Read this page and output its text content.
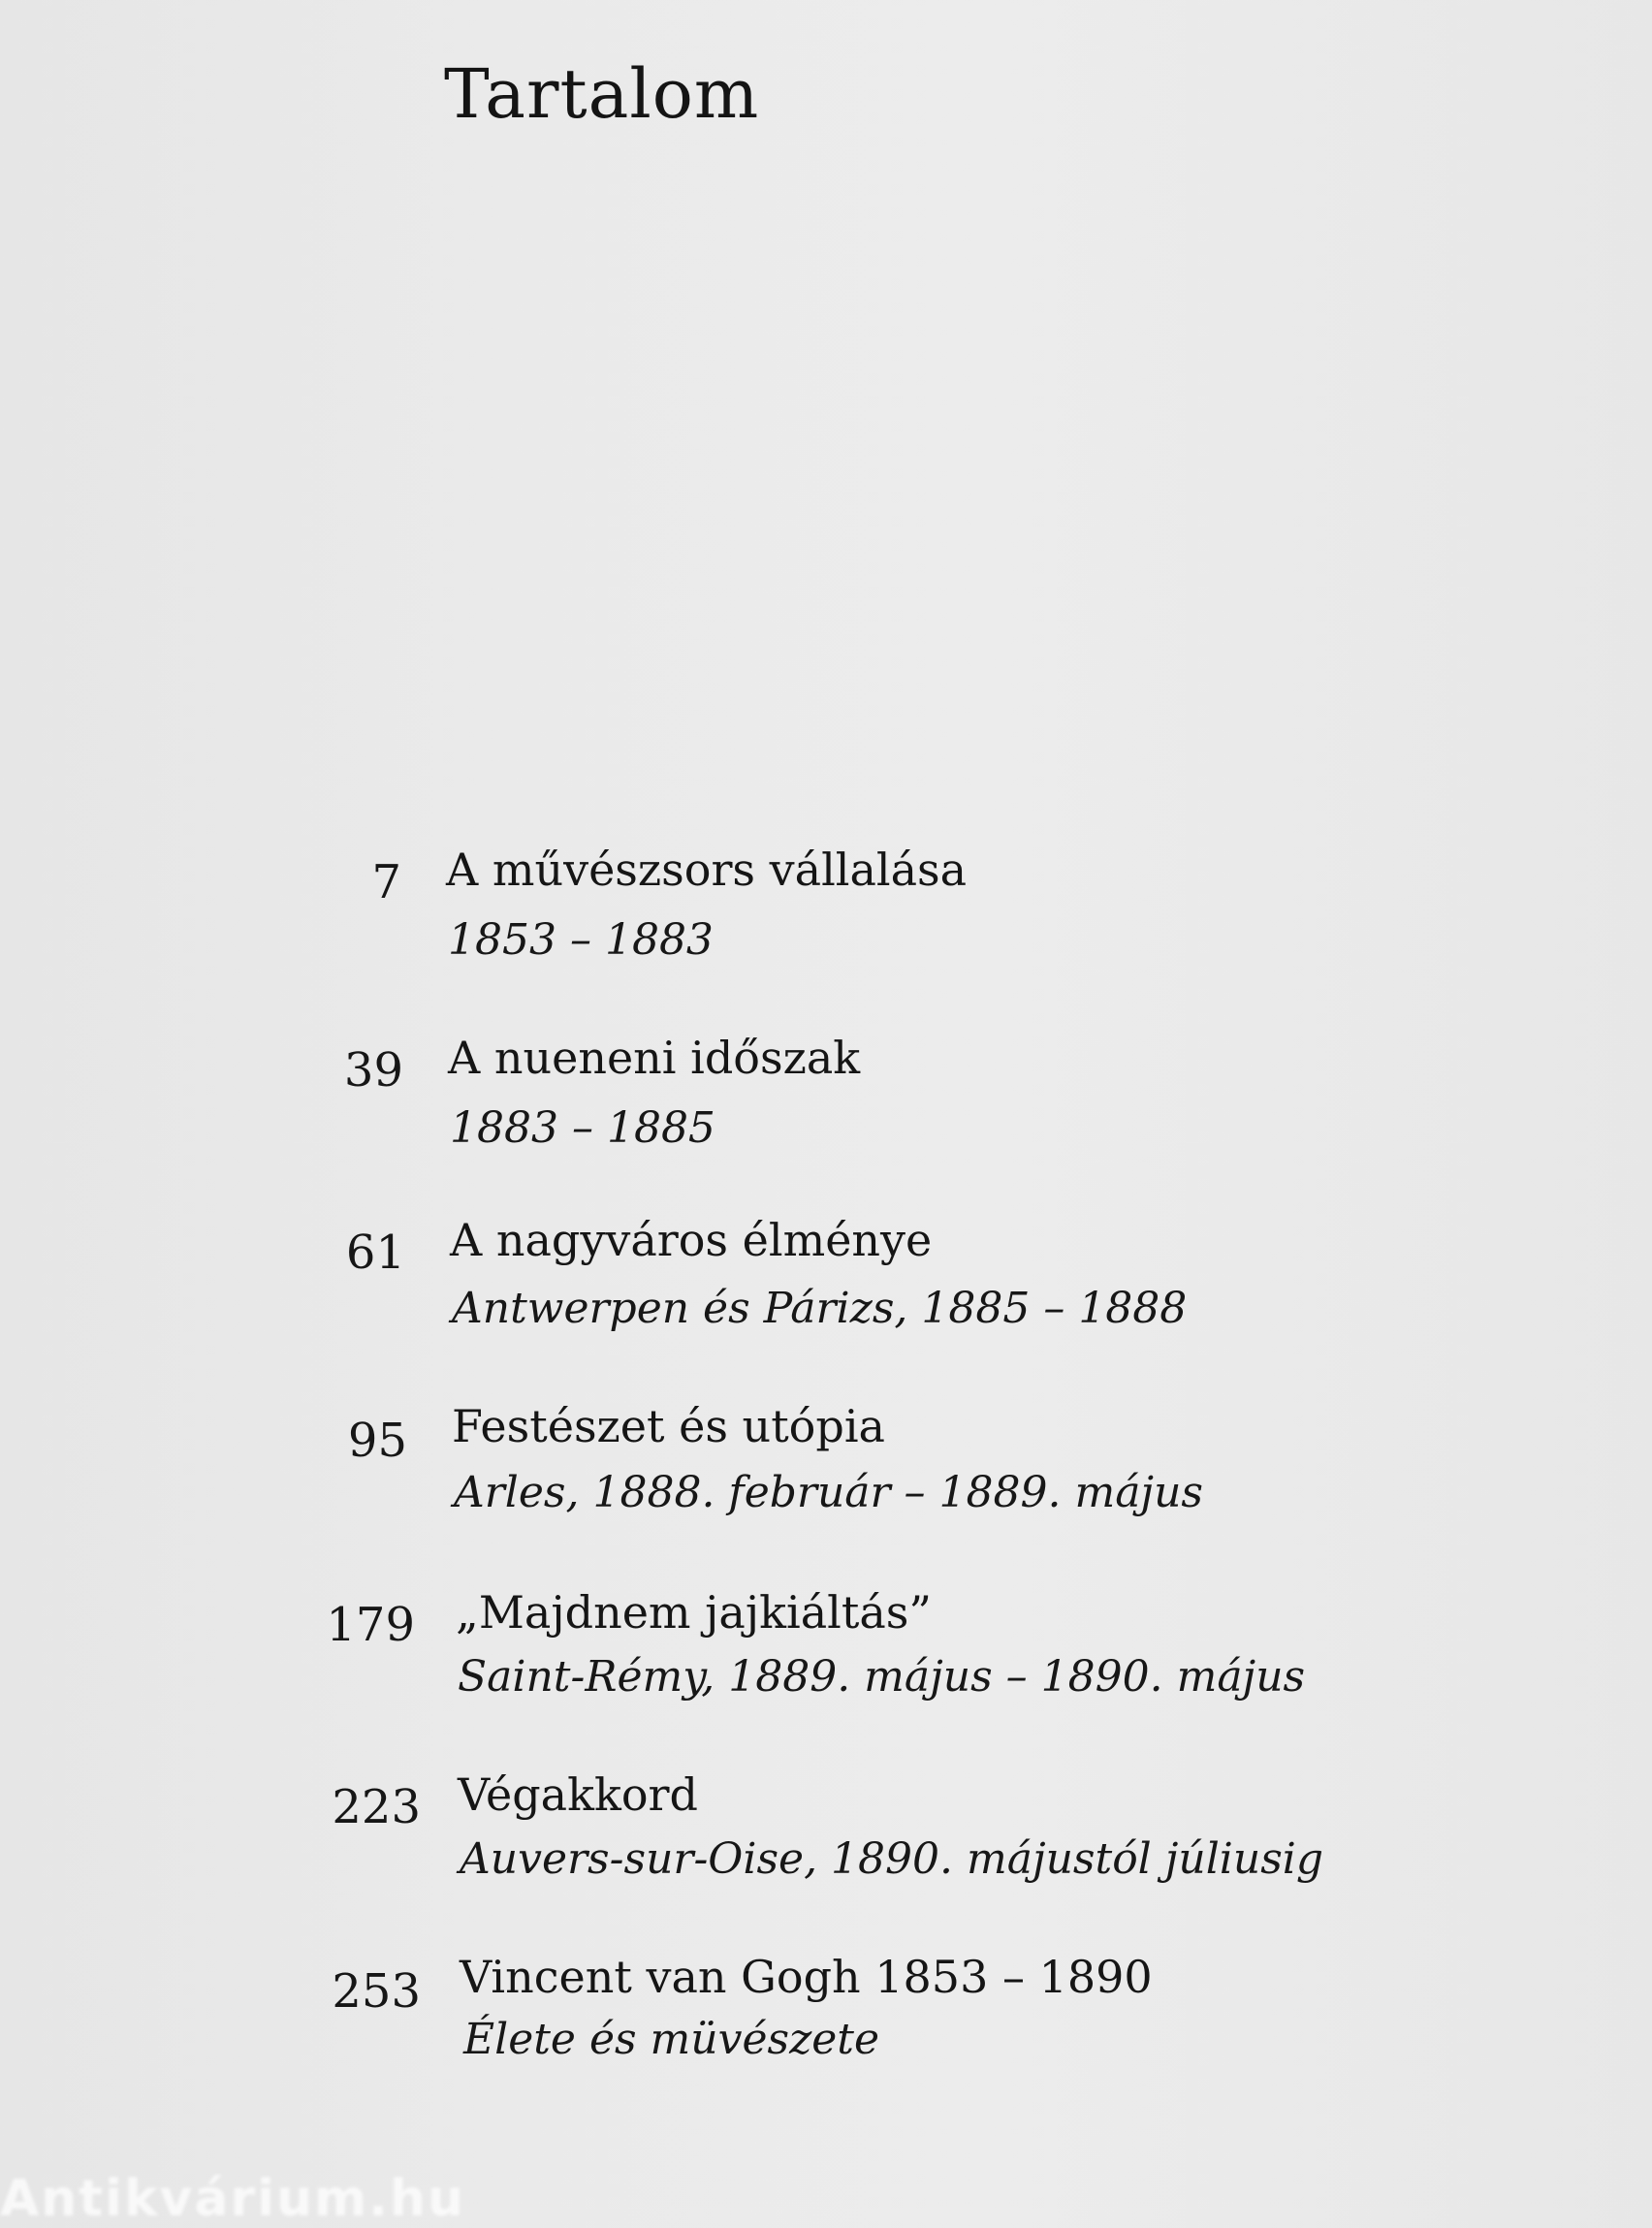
Tartalom
7 A művészsors vállalása
1853 – 1883
39 A nueneni időszak
1883 – 1885
61 A nagyváros élménye
Antwerpen és Párizs, 1885 – 1888
95 Festészet és utópia
Arles, 1888. február – 1889. május
179 „Majdnem jajkiáltás”
Saint-Rémy, 1889. május – 1890. május
223 Végakkord
Auvers-sur-Oise, 1890. májustól júliusig
253 Vincent van Gogh 1853 – 1890
Élete és müvészete
Antikvárium.hu
